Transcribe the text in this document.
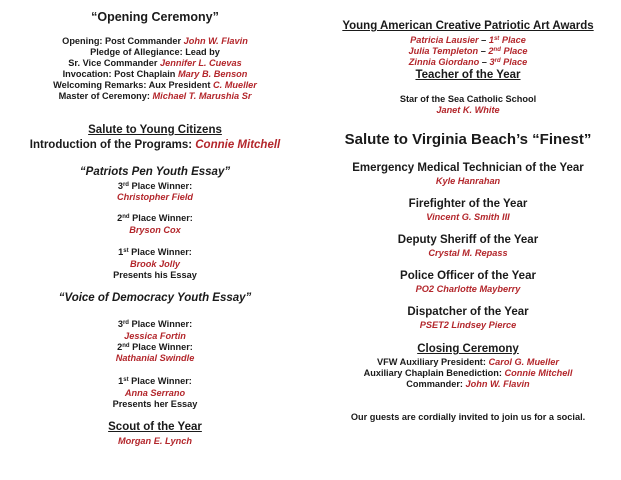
“Opening Ceremony”
Opening: Post Commander John W. Flavin
Pledge of Allegiance: Lead by
Sr. Vice Commander Jennifer L. Cuevas
Invocation: Post Chaplain Mary B. Benson
Welcoming Remarks: Aux President C. Mueller
Master of Ceremony: Michael T. Marushia Sr
Salute to Young Citizens
Introduction of the Programs: Connie Mitchell
“Patriots Pen Youth Essay”
3rd Place Winner:
Christopher Field
2nd Place Winner:
Bryson Cox
1st Place Winner:
Brook Jolly
Presents his Essay
“Voice of Democracy Youth Essay”
3rd Place Winner:
Jessica Fortin
2nd Place Winner:
Nathanial Swindle
1st Place Winner:
Anna Serrano
Presents her Essay
Scout of the Year
Morgan E. Lynch
Young American Creative Patriotic Art Awards
Patricia Lausier – 1st Place
Julia Templeton – 2nd Place
Zinnia Giordano – 3rd Place
Teacher of the Year
Star of the Sea Catholic School
Janet K. White
Salute to Virginia Beach’s “Finest”
Emergency Medical Technician of the Year
Kyle Hanrahan
Firefighter of the Year
Vincent G. Smith III
Deputy Sheriff of the Year
Crystal M. Repass
Police Officer of the Year
PO2 Charlotte Mayberry
Dispatcher of the Year
PSET2 Lindsey Pierce
Closing Ceremony
VFW Auxiliary President: Carol G. Mueller
Auxiliary Chaplain Benediction: Connie Mitchell
Commander: John W. Flavin
Our guests are cordially invited to join us for a social.
